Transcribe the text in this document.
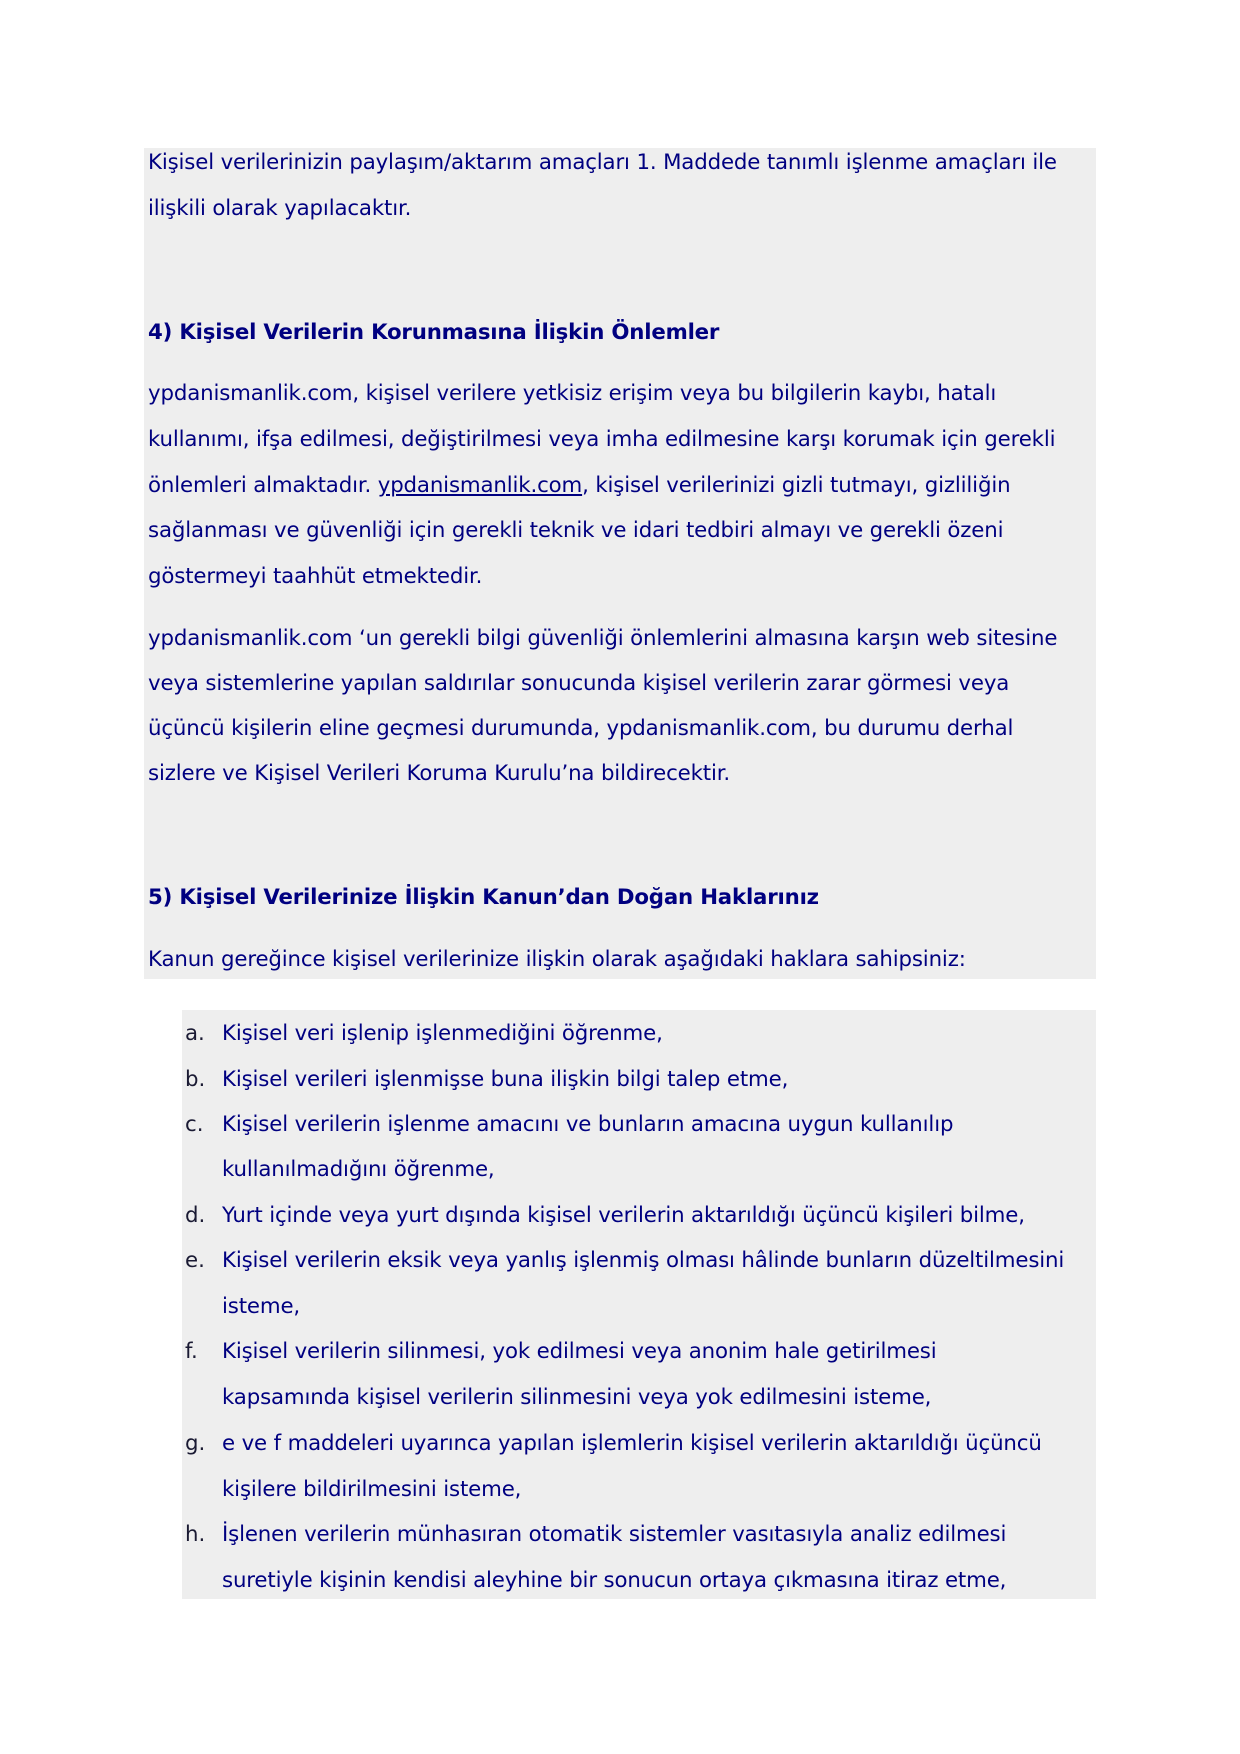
Kişisel verilerinizin paylaşım/aktarım amaçları 1. Maddede tanımlı işlenme amaçları ile
ilişkili olarak yapılacaktır.
4) Kişisel Verilerin Korunmasına İlişkin Önlemler
ypdanismanlik.com, kişisel verilere yetkisiz erişim veya bu bilgilerin kaybı, hatalı
kullanımı, ifşa edilmesi, değiştirilmesi veya imha edilmesine karşı korumak için gerekli
önlemleri almaktadır. ypdanismanlik.com, kişisel verilerinizi gizli tutmayı, gizliliğin
sağlanması ve güvenliği için gerekli teknik ve idari tedbiri almayı ve gerekli özeni
göstermeyi taahhüt etmektedir.
ypdanismanlik.com ‘un gerekli bilgi güvenliği önlemlerini almasına karşın web sitesine
veya sistemlerine yapılan saldırılar sonucunda kişisel verilerin zarar görmesi veya
üçüncü kişilerin eline geçmesi durumunda, ypdanismanlik.com, bu durumu derhal
sizlere ve Kişisel Verileri Koruma Kurulu’na bildirecektir.
5) Kişisel Verilerinize İlişkin Kanun’dan Doğan Haklarınız
Kanun gereğince kişisel verilerinize ilişkin olarak aşağıdaki haklara sahipsiniz:
a. Kişisel veri işlenip işlenmediğini öğrenme,
b. Kişisel verileri işlenmişse buna ilişkin bilgi talep etme,
c. Kişisel verilerin işlenme amacını ve bunların amacına uygun kullanılıp
kullanılmadığını öğrenme,
d. Yurt içinde veya yurt dışında kişisel verilerin aktarıldığı üçüncü kişileri bilme,
e. Kişisel verilerin eksik veya yanlış işlenmiş olması hâlinde bunların düzeltilmesini
isteme,
f. Kişisel verilerin silinmesi, yok edilmesi veya anonim hale getirilmesi
kapsamında kişisel verilerin silinmesini veya yok edilmesini isteme,
g. e ve f maddeleri uyarınca yapılan işlemlerin kişisel verilerin aktarıldığı üçüncü
kişilere bildirilmesini isteme,
h. İşlenen verilerin münhasıran otomatik sistemler vasıtasıyla analiz edilmesi
suretiyle kişinin kendisi aleyhine bir sonucun ortaya çıkmasına itiraz etme,
